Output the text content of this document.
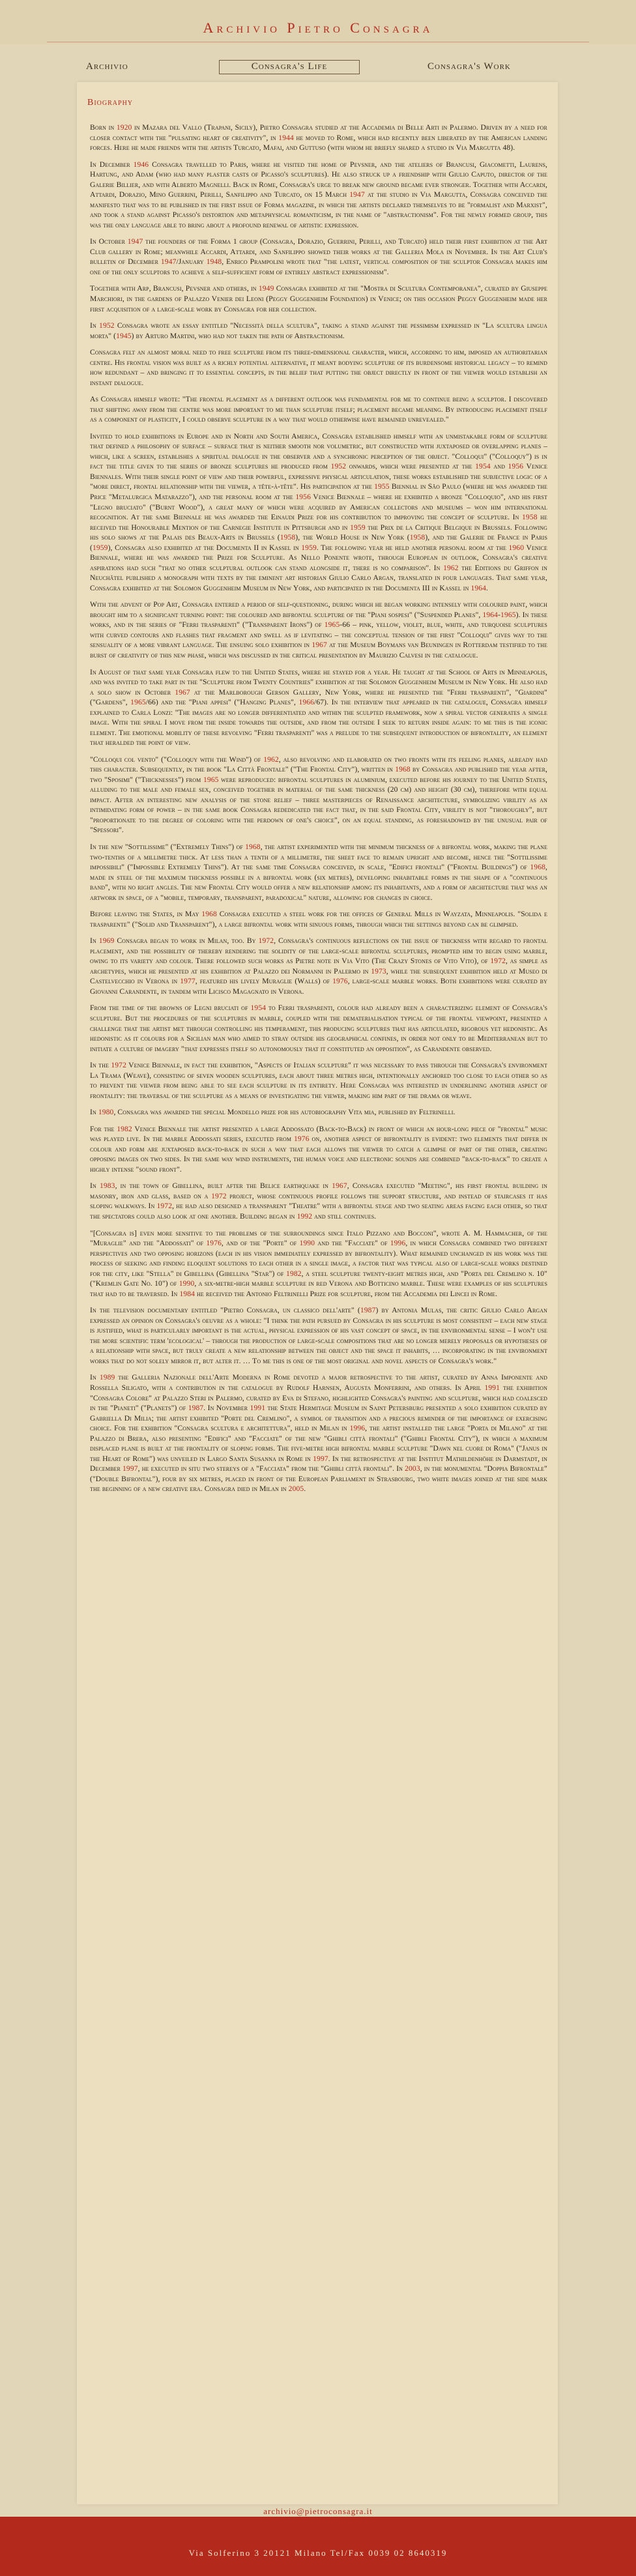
Archivio Pietro Consagra
Archivio	Consagra's Life	Consagra's Work
Biography

Born in 1920 in Mazara del Vallo (Trapani, Sicily), Pietro Consagra studied at the Accademia di Belle Arti in Palermo. Driven by a need for closer contact with the "pulsating heart of creativity", in 1944 he moved to Rome, which had recently been liberated by the American landing forces. Here he made friends with the artists Turcato, Mafai, and Guttuso (with whom he briefly shared a studio in Via Margutta 48).

In December 1946 Consagra travelled to Paris, where he visited the home of Pevsner, and the ateliers of Brancusi, Giacometti, Laurens, Hartung, and Adam (who had many plaster casts of Picasso's sculptures). He also struck up a friendship with Giulio Caputo, director of the Galerie Billier, and with Alberto Magnelli. Back in Rome, Consagra's urge to break new ground became ever stronger. Together with Accardi, Attardi, Dorazio, Mino Guerrini, Perilli, Sanfilippo and Turcato, on 15 March 1947 at the studio in Via Margutta, Consagra conceived the manifesto that was to be published in the first issue of Forma magazine, in which the artists declared themselves to be "formalist and Marxist", and took a stand against Picasso's distortion and metaphysical romanticism, in the name of "abstractionism". For the newly formed group, this was the only language able to bring about a profound renewal of artistic expression.

In October 1947 the founders of the Forma 1 group (Consagra, Dorazio, Guerrini, Perilli, and Turcato) held their first exhibition at the Art Club gallery in Rome; meanwhile Accardi, Attardi, and Sanfilippo showed their works at the Galleria Mola in November. In the Art Club's bulletin of December 1947/January 1948, Enrico Prampolini wrote that "the latest, vertical composition of the sculptor Consagra makes him one of the only sculptors to achieve a self-sufficient form of entirely abstract expressionism".

Together with Arp, Brancusi, Pevsner and others, in 1949 Consagra exhibited at the "Mostra di Scultura Contemporanea", curated by Giuseppe Marchiori, in the gardens of Palazzo Venier dei Leoni (Peggy Guggenheim Foundation) in Venice; on this occasion Peggy Guggenheim made her first acquisition of a large-scale work by Consagra for her collection.

In 1952 Consagra wrote an essay entitled "Necessità della scultura", taking a stand against the pessimism expressed in "La scultura lingua morta" (1945) by Arturo Martini, who had not taken the path of Abstractionism.

Consagra felt an almost moral need to free sculpture from its three-dimensional character, which, according to him, imposed an authoritarian centre. His frontal vision was built as a richly potential alternative, it meant bodying sculpture of its burdensome historical legacy – to remind how redundant – and bringing it to essential concepts, in the belief that putting the object directly in front of the viewer would establish an instant dialogue.

As Consagra himself wrote: "The frontal placement as a different outlook was fundamental for me to continue being a sculptor. I discovered that shifting away from the centre was more important to me than sculpture itself; placement became meaning. By introducing placement itself as a component of plasticity, I could observe sculpture in a way that would otherwise have remained unrevealed."

Invited to hold exhibitions in Europe and in North and South America, Consagra established himself with an unmistakable form of sculpture that defined a philosophy of surface – surface that is neither smooth nor volumetric, but constructed with juxtaposed or overlapping planes – which, like a screen, establishes a spiritual dialogue in the observer and a synchronic perception of the object. "Colloqui" ("Colloquy") is in fact the title given to the series of bronze sculptures he produced from 1952 onwards, which were presented at the 1954 and 1956 Venice Biennales. With their single point of view and their powerful, expressive physical articulation, these works established the subjective logic of a "more direct, frontal relationship with the viewer, a tête-à-tête". His participation at the 1955 Biennial in São Paulo (where he was awarded the Price "Metalurgica Matarazzo"), and the personal room at the 1956 Venice Biennale – where he exhibited a bronze "Colloquio", and his first "Legno bruciato" ("Burnt Wood"), a great many of which were acquired by American collectors and museums – won him international recognition. At the same Biennale he was awarded the Einaudi Prize for his contribution to improving the concept of sculpture. In 1958 he received the Honourable Mention of the Carnegie Institute in Pittsburgh and in 1959 the Prix de la Critique Belgique in Brussels. Following his solo shows at the Palais des Beaux-Arts in Brussels (1958), the World House in New York (1958), and the Galerie de France in Paris (1959), Consagra also exhibited at the Documenta II in Kassel in 1959. The following year he held another personal room at the 1960 Venice Biennale, where he was awarded the Prize for Sculpture. As Nello Ponente wrote, through European in outlook, Consagra's creative aspirations had such "that no other sculptural outlook can stand alongside it, there is no comparison". In 1962 the Editions du Griffon in Neuchâtel published a monograph with texts by the eminent art historian Giulio Carlo Argan, translated in four languages. That same year, Consagra exhibited at the Solomon Guggenheim Museum in New York, and participated in the Documenta III in Kassel in 1964.

With the advent of Pop Art, Consagra entered a period of self-questioning, during which he began working intensely with coloured paint, which brought him to a significant turning point: the coloured and bifrontal sculpture of the "Piani sospesi" ("Suspended Planes", 1964-1965). In these works, and in the series of "Ferri trasparenti" ("Transparent Irons") of 1965-66 – pink, yellow, violet, blue, white, and turquoise sculptures with curved contours and flashes that fragment and swell as if levitating – the conceptual tension of the first "Colloqui" gives way to the sensuality of a more vibrant language. The ensuing solo exhibition in 1967 at the Museum Boymans van Beuningen in Rotterdam testified to the burst of creativity of this new phase, which was discussed in the critical presentation by Maurizio Calvesi in the catalogue.

In August of that same year Consagra flew to the United States, where he stayed for a year. He taught at the School of Arts in Minneapolis, and was invited to take part in the "Sculpture from Twenty Countries" exhibition at the Solomon Guggenheim Museum in New York. He also had a solo show in October 1967 at the Marlborough Gerson Gallery, New York, where he presented the "Ferri trasparenti", "Giardini" ("Gardens", 1965/66) and the "Piani appesi" ("Hanging Planes", 1966/67). In the interview that appeared in the catalogue, Consagra himself explained to Carla Lonzi: "The images are no longer differentiated and within the sculpted framework, now a spiral vector generates a single image. With the spiral I move from the inside towards the outside, and from the outside I seek to return inside again: to me this is the iconic element. The emotional mobility of these revolving "Ferri trasparenti" was a prelude to the subsequent introduction of bifrontality, an element that heralded the point of view.

"Colloqui col vento" ("Colloquy with the Wind") of 1962, also revolving and elaborated on two fronts with its feeling planes, already had this character. Subsequently, in the book "La Città Frontale" ("The Frontal City"), written in 1968 by Consagra and published the year after, two "Sposimi" ("Thicknesses") from 1965 were reproduced: bifrontal sculptures in aluminium, executed before his journey to the United States, alluding to the male and female sex, conceived together in material of the same thickness (20 cm) and height (30 cm), therefore with equal impact. After an interesting new analysis of the stone relief – three masterpieces of Renaissance architecture, symbolizing virility as an intimidating form of power – in the same book Consagra rededicated the fact that, in the said Frontal City, virility is not "thoroughly", but "proportionate to the degree of coloring with the perdown of one's choice", on an equal standing, as foreshadowed by the unusual pair of "Spessori".

In the new "Sottilissime" ("Extremely Thins") of 1968, the artist experimented with the minimum thickness of a bifrontal work, making the plane two-tenths of a millimetre thick. At less than a tenth of a millimetre, the sheet face to remain upright and become, hence the "Sottilissime impossibili" ("Impossible Extremely Thins"). At the same time Consagra conceived, in scale, "Edifici frontali" ("Frontal Buildings") of 1968, made in steel of the maximum thickness possible in a bifrontal work (six metres), developing inhabitable forms in the shape of a "continuous band", with no right angles. The new Frontal City would offer a new relationship among its inhabitants, and a form of architecture that was an artwork in space, of a "mobile, temporary, transparent, paradoxical" nature, allowing for changes in choice.

Before leaving the States, in May 1968 Consagra executed a steel work for the offices of General Mills in Wayzata, Minneapolis. "Solida e trasparente" ("Solid and Transparent"), a large bifrontal work with sinuous forms, through which the settings beyond can be glimpsed.

In 1969 Consagra began to work in Milan, too. By 1972, Consagra's continuous reflections on the issue of thickness with regard to frontal placement, and the possibility of thereby rendering the solidity of the large-scale bifrontal sculptures, prompted him to begin using marble, owing to its variety and colour. There followed such works as Pietre note in Via Vito (The Crazy Stones of Vito Vito), of 1972, as simple as archetypes, which he presented at his exhibition at Palazzo dei Normanni in Palermo in 1973, while the subsequent exhibition held at Museo di Castelvecchio in Verona in 1977, featured his lively Muraglie (Walls) of 1976, large-scale marble works. Both exhibitions were curated by Giovanni Carandente, in tandem with Licisco Magagnato in Verona.

From the time of the browns of Legni bruciati of 1954 to Ferri trasparenti, colour had already been a characterizing element of Consagra's sculpture. But the procedures of the sculptures in marble, coupled with the dematerialisation typical of the frontal viewpoint, presented a challenge that the artist met through controlling his temperament, this producing sculptures that has articulated, rigorous yet hedonistic. As hedonistic as it colours for a Sicilian man who aimed to stray outside his geographical confines, in order not only to be Mediterranean but to initiate a culture of imagery "that expresses itself so autonomously that it constituted an opposition", as Carandente observed.

In the 1972 Venice Biennale, in fact the exhibition, "Aspects of Italian sculpture" it was necessary to pass through the Consagra's environment La Trama (Weave), consisting of seven wooden sculptures, each about three metres high, intentionally anchored too close to each other so as to prevent the viewer from being able to see each sculpture in its entirety. Here Consagra was interested in underlining another aspect of frontality: the traversal of the sculpture as a means of investigating the viewer, making him part of the drama or weave.

In 1980, Consagra was awarded the special Mondello prize for his autobiography Vita mia, published by Feltrinelli.

For the 1982 Venice Biennale the artist presented a large Addossato (Back-to-Back) in front of which an hour-long piece of "frontal" music was played live. In the marble Addossati series, executed from 1976 on, another aspect of bifrontality is evident: two elements that differ in colour and form are juxtaposed back-to-back in such a way that each allows the viewer to catch a glimpse of part of the other, creating opposing images on two sides. In the same way wind instruments, the human voice and electronic sounds are combined "back-to-back" to create a highly intense "sound front".

In 1983, in the town of Gibellina, built after the Belice earthquake in 1967, Consagra executed "Meeting", his first frontal building in masonry, iron and glass, based on a 1972 project, whose continuous profile follows the support structure, and instead of staircases it has sloping walkways. In 1972, he had also designed a transparent "Theatre" with a bifrontal stage and two seating areas facing each other, so that the spectators could also look at one another. Building began in 1992 and still continues.

"[Consagra is] even more sensitive to the problems of the surroundings since Italo Pizzano and Bocconi", wrote A. M. Hammacher, of the "Muraglie" and the "Addossati" of 1976, and of the "Porte" of 1990 and the "Facciate" of 1996, in which Consagra combined two different perspectives and two opposing horizons (each in his vision immediately expressed by bifrontality). What remained unchanged in his work was the process of seeking and finding eloquent solutions to each other in a single image, a factor that was typical also of large-scale works destined for the city, like "Stella" di Gibellina (Gibellina "Star") of 1982, a steel sculpture twenty-eight metres high, and "Porta del Cremlino n. 10" ("Kremlin Gate No. 10") of 1990, a six-metre-high marble sculpture in red Verona and Botticino marble. These were examples of his sculptures that had to be traversed. In 1984 he received the Antonio Feltrinelli Prize for sculpture, from the Accademia dei Lincei in Rome.

In the television documentary entitled "Pietro Consagra, un classico dell'arte" (1987) by Antonia Mulas, the critic Giulio Carlo Argan expressed an opinion on Consagra's oeuvre as a whole: "I think the path pursued by Consagra in his sculpture is most consistent – each new stage is justified, what is particularly important is the actual, physical expression of his vast concept of space, in the environmental sense – I won't use the more scientific term 'ecological' – through the production of large-scale compositions that are no longer merely proposals or hypotheses of a relationship with space, but truly create a new relationship between the object and the space it inhabits, … incorporating in the environment works that do not solely mirror it, but alter it. … To me this is one of the most original and novel aspects of Consagra's work."

In 1989 the Galleria Nazionale dell'Arte Moderna in Rome devoted a major retrospective to the artist, curated by Anna Imponente and Rossella Siligato, with a contribution in the catalogue by Rudolf Harnsen, Augusta Monferrini, and others. In April 1991 the exhibition "Consagra Colore" at Palazzo Steri in Palermo, curated by Eva di Stefano, highlighted Consagra's painting and sculpture, which had coalesced in the "Pianeti" ("Planets") of 1987. In November 1991 the State Hermitage Museum in Saint Petersburg presented a solo exhibition curated by Gabriella Di Milia; the artist exhibited "Porte del Cremlino", a symbol of transition and a precious reminder of the importance of exercising choice. For the exhibition "Consagra scultura e architettura", held in Milan in 1996, the artist installed the large "Porta di Milano" at the Palazzo di Brera, also presenting "Edifici" and "Facciate" of the new "Ghibli città frontali" ("Ghibli Frontal City"), in which a maximum displaced plane is built at the frontality of sloping forms. The five-metre high bifrontal marble sculpture "Dawn nel cuore di Roma" ("Janus in the Heart of Rome") was unveiled in Largo Santa Susanna in Rome in 1997. In the retrospective at the Institut Mathildenhöhe in Darmstadt, in December 1997, he executed in situ two stereys of a "Facciata" from the "Ghibli città frontali". In 2003, in the monumental "Doppia Bifrontale" ("Double Bifrontal"), four by six metres, placed in front of the European Parliament in Strasbourg, two white images joined at the side mark the beginning of a new creative era. Consagra died in Milan in 2005.

archivio@pietroconsagra.it
Via Solferino 3 20121 Milano Tel/Fax 0039 02 8640319
